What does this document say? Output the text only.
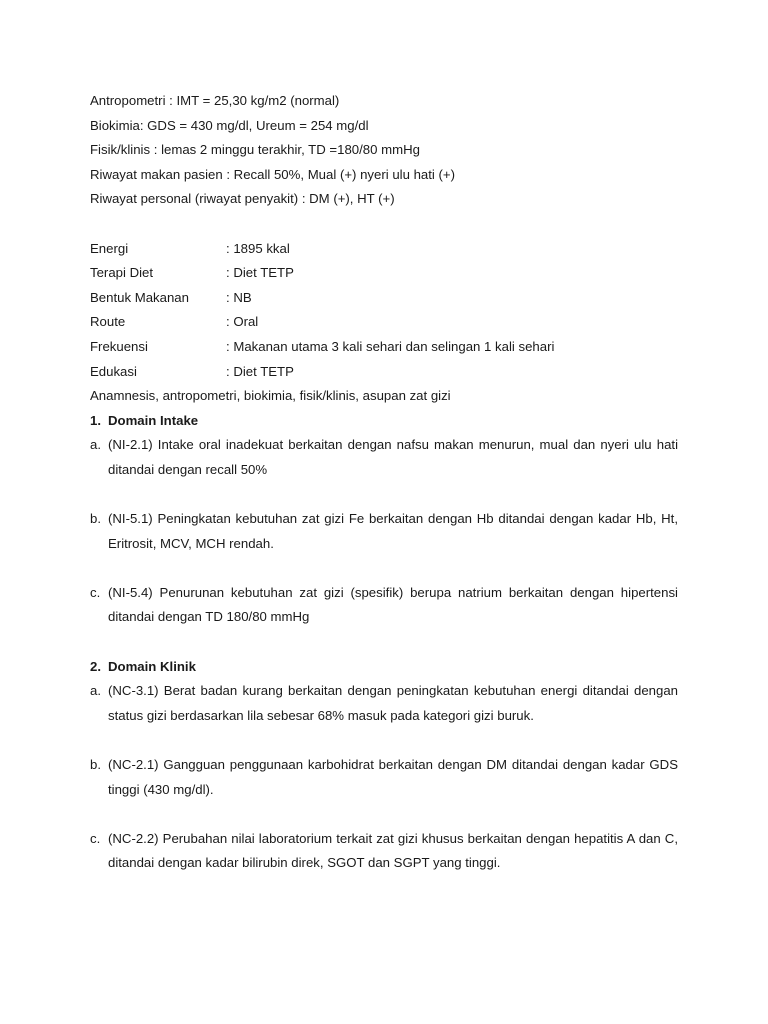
Antropometri : IMT = 25,30 kg/m2 (normal)
Biokimia: GDS = 430 mg/dl, Ureum = 254 mg/dl
Fisik/klinis : lemas 2 minggu terakhir, TD =180/80 mmHg
Riwayat makan pasien : Recall 50%, Mual (+) nyeri ulu hati (+)
Riwayat personal (riwayat penyakit) : DM (+), HT (+)
Energi	: 1895 kkal
Terapi Diet	: Diet TETP
Bentuk Makanan	: NB
Route	: Oral
Frekuensi	: Makanan utama 3 kali sehari dan selingan 1 kali sehari
Edukasi	: Diet TETP
Anamnesis, antropometri, biokimia, fisik/klinis, asupan zat gizi
1. Domain Intake
a. (NI-2.1) Intake oral inadekuat berkaitan dengan nafsu makan menurun, mual dan nyeri ulu hati ditandai dengan recall 50%
b. (NI-5.1) Peningkatan kebutuhan zat gizi Fe berkaitan dengan Hb ditandai dengan kadar Hb, Ht, Eritrosit, MCV, MCH rendah.
c. (NI-5.4) Penurunan kebutuhan zat gizi (spesifik) berupa natrium berkaitan dengan hipertensi ditandai dengan TD 180/80 mmHg
2. Domain Klinik
a. (NC-3.1) Berat badan kurang berkaitan dengan peningkatan kebutuhan energi ditandai dengan status gizi berdasarkan lila sebesar 68% masuk pada kategori gizi buruk.
b. (NC-2.1) Gangguan penggunaan karbohidrat berkaitan dengan DM ditandai dengan kadar GDS tinggi (430 mg/dl).
c. (NC-2.2) Perubahan nilai laboratorium terkait zat gizi khusus berkaitan dengan hepatitis A dan C, ditandai dengan kadar bilirubin direk, SGOT dan SGPT yang tinggi.
